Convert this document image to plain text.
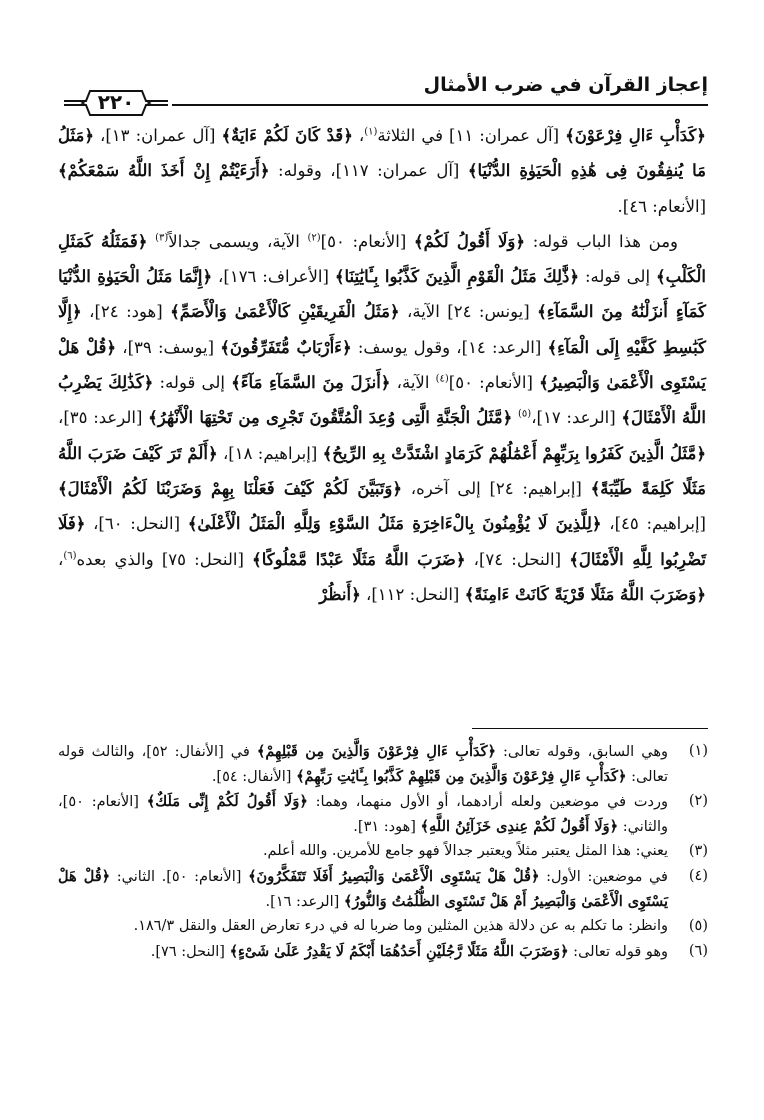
إعجاز القرآن في ضرب الأمثال
٢٢٠

﴿كَدَأْبِ ءَالِ فِرْعَوْنَ﴾ [آل عمران: ١١] في الثلاثة$^{(١)}$، ﴿قَدْ كَانَ لَكُمْ ءَايَةٌ﴾ [آل عمران: ١٣]، ﴿مَثَلُ مَا يُنفِقُونَ فِى هَٰذِهِ الْحَيَوٰةِ الدُّنْيَا﴾ [آل عمران: ١١٧]، وقوله: ﴿أَرَءَيْتُمْ إِنْ أَخَذَ اللَّهُ سَمْعَكُمْ﴾ [الأنعام: ٤٦].

ومن هذا الباب قوله: ﴿وَلَا أَقُولُ لَكُمْ﴾ [الأنعام: ٥٠]$^{(٢)}$ الآية، ويسمى جدالاً$^{(٣)}$ ﴿فَمَثَلُهُ كَمَثَلِ الْكَلْبِ﴾ إلى قوله: ﴿ذَّٰلِكَ مَثَلُ الْقَوْمِ الَّذِينَ كَذَّبُوا بِـَٔايَٰتِنَا﴾ [الأعراف: ١٧٦]، ﴿إِنَّمَا مَثَلُ الْحَيَوٰةِ الدُّنْيَا كَمَآءٍ أَنزَلْنَٰهُ مِنَ السَّمَآءِ﴾ [يونس: ٢٤] الآية، ﴿مَثَلُ الْفَرِيقَيْنِ كَالْأَعْمَىٰ وَالْأَصَمِّ﴾ [هود: ٢٤]، ﴿إِلَّا كَبَٰسِطِ كَفَّيْهِ إِلَى الْمَآءِ﴾ [الرعد: ١٤]، وقول يوسف: ﴿ءَأَرْبَابٌ مُّتَفَرِّقُونَ﴾ [يوسف: ٣٩]، ﴿قُلْ هَلْ يَسْتَوِى الْأَعْمَىٰ وَالْبَصِيرُ﴾ [الأنعام: ٥٠]$^{(٤)}$ الآية، ﴿أَنزَلَ مِنَ السَّمَآءِ مَآءً﴾ إلى قوله: ﴿كَذَٰلِكَ يَضْرِبُ اللَّهُ الْأَمْثَالَ﴾ [الرعد: ١٧]،$^{(٥)}$ ﴿مَّثَلُ الْجَنَّةِ الَّتِى وُعِدَ الْمُتَّقُونَ تَجْرِى مِن تَحْتِهَا الْأَنْهَٰرُ﴾ [الرعد: ٣٥]، ﴿مَّثَلُ الَّذِينَ كَفَرُوا بِرَبِّهِمْ أَعْمَٰلُهُمْ كَرَمَادٍ اشْتَدَّتْ بِهِ الرِّيحُ﴾ [إبراهيم: ١٨]، ﴿أَلَمْ تَرَ كَيْفَ ضَرَبَ اللَّهُ مَثَلًا كَلِمَةً طَيِّبَةً﴾ [إبراهيم: ٢٤] إلى آخره، ﴿وَتَبَيَّنَ لَكُمْ كَيْفَ فَعَلْنَا بِهِمْ وَضَرَبْنَا لَكُمُ الْأَمْثَالَ﴾ [إبراهيم: ٤٥]، ﴿لِلَّذِينَ لَا يُؤْمِنُونَ بِالْءَاخِرَةِ مَثَلُ السَّوْءِ وَلِلَّهِ الْمَثَلُ الْأَعْلَىٰ﴾ [النحل: ٦٠]، ﴿فَلَا تَضْرِبُوا لِلَّهِ الْأَمْثَالَ﴾ [النحل: ٧٤]، ﴿ضَرَبَ اللَّهُ مَثَلًا عَبْدًا مَّمْلُوكًا﴾ [النحل: ٧٥] والذي بعده$^{(٦)}$، ﴿وَضَرَبَ اللَّهُ مَثَلًا قَرْيَةً كَانَتْ ءَامِنَةً﴾ [النحل: ١١٢]، ﴿أَنظُرْ

(١)
وهي السابق، وقوله تعالى: ﴿كَدَأْبِ ءَالِ فِرْعَوْنَ وَالَّذِينَ مِن قَبْلِهِمْ﴾ في [الأنفال: ٥٢]، والثالث قوله تعالى: ﴿كَدَأْبِ ءَالِ فِرْعَوْنَ وَالَّذِينَ مِن قَبْلِهِمْ كَذَّبُوا بِـَٔايَٰتِ رَبِّهِمْ﴾ [الأنفال: ٥٤].
(٢)
وردت في موضعين ولعله أرادهما، أو الأول منهما، وهما: ﴿وَلَا أَقُولُ لَكُمْ إِنِّى مَلَكٌ﴾ [الأنعام: ٥٠]، والثاني: ﴿وَلَا أَقُولُ لَكُمْ عِندِى خَزَآئِنُ اللَّهِ﴾ [هود: ٣١].
(٣)
يعني: هذا المثل يعتبر مثلاً ويعتبر جدالاً فهو جامع للأمرين. والله أعلم.
(٤)
في موضعين: الأول: ﴿قُلْ هَلْ يَسْتَوِى الْأَعْمَىٰ وَالْبَصِيرُ أَفَلَا تَتَفَكَّرُونَ﴾ [الأنعام: ٥٠]. الثاني: ﴿قُلْ هَلْ يَسْتَوِى الْأَعْمَىٰ وَالْبَصِيرُ أَمْ هَلْ تَسْتَوِى الظُّلُمَٰتُ وَالنُّورُ﴾ [الرعد: ١٦].
(٥)
وانظر: ما تكلم به عن دلالة هذين المثلين وما ضربا له في درء تعارض العقل والنقل ١٨٦/٣.
(٦)
وهو قوله تعالى: ﴿وَضَرَبَ اللَّهُ مَثَلًا رَّجُلَيْنِ أَحَدُهُمَا أَبْكَمُ لَا يَقْدِرُ عَلَىٰ شَىْءٍ﴾ [النحل: ٧٦].
